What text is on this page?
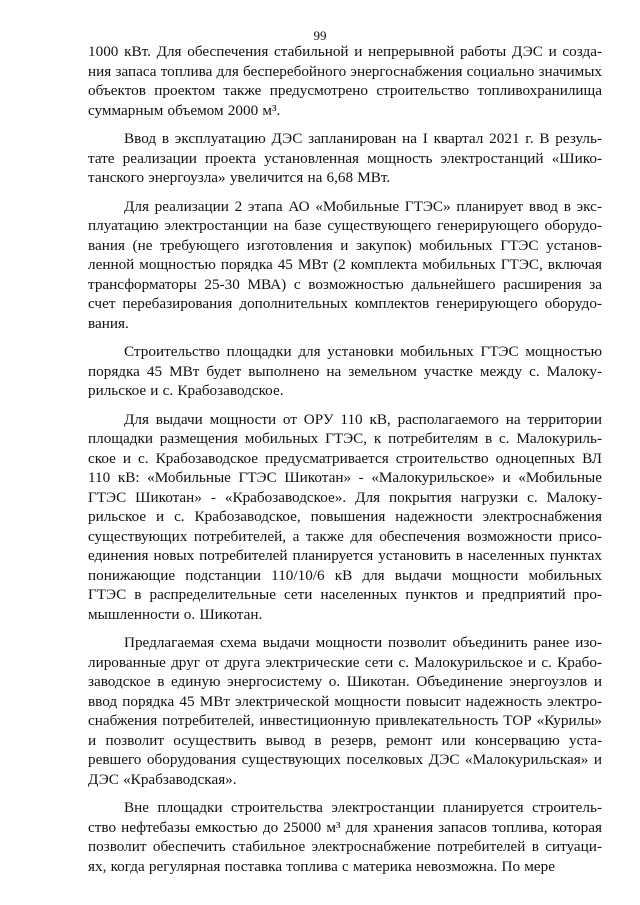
99

1000 кВт. Для обеспечения стабильной и непрерывной работы ДЭС и создания запаса топлива для бесперебойного энергоснабжения социально значимых объектов проектом также предусмотрено строительство топливохранилища суммарным объемом 2000 м³.

Ввод в эксплуатацию ДЭС запланирован на I квартал 2021 г. В результате реализации проекта установленная мощность электростанций «Шикотанского энергоузла» увеличится на 6,68 МВт.

Для реализации 2 этапа АО «Мобильные ГТЭС» планирует ввод в эксплуатацию электростанции на базе существующего генерирующего оборудования (не требующего изготовления и закупок) мобильных ГТЭС установленной мощностью порядка 45 МВт (2 комплекта мобильных ГТЭС, включая трансформаторы 25-30 МВА) с возможностью дальнейшего расширения за счет перебазирования дополнительных комплектов генерирующего оборудования.

Строительство площадки для установки мобильных ГТЭС мощностью порядка 45 МВт будет выполнено на земельном участке между с. Малокурильское и с. Крабозаводское.

Для выдачи мощности от ОРУ 110 кВ, располагаемого на территории площадки размещения мобильных ГТЭС, к потребителям в с. Малокурильское и с. Крабозаводское предусматривается строительство одноцепных ВЛ 110 кВ: «Мобильные ГТЭС Шикотан» - «Малокурильское» и «Мобильные ГТЭС Шикотан» - «Крабозаводское». Для покрытия нагрузки с. Малокурильское и с. Крабозаводское, повышения надежности электроснабжения существующих потребителей, а также для обеспечения возможности присоединения новых потребителей планируется установить в населенных пунктах понижающие подстанции 110/10/6 кВ для выдачи мощности мобильных ГТЭС в распределительные сети населенных пунктов и предприятий промышленности о. Шикотан.

Предлагаемая схема выдачи мощности позволит объединить ранее изолированные друг от друга электрические сети с. Малокурильское и с. Крабозаводское в единую энергосистему о. Шикотан. Объединение энергоузлов и ввод порядка 45 МВт электрической мощности повысит надежность электроснабжения потребителей, инвестиционную привлекательность ТОР «Курилы» и позволит осуществить вывод в резерв, ремонт или консервацию устаревшего оборудования существующих поселковых ДЭС «Малокурильская» и ДЭС «Крабзаводская».

Вне площадки строительства электростанции планируется строительство нефтебазы емкостью до 25000 м³ для хранения запасов топлива, которая позволит обеспечить стабильное электроснабжение потребителей в ситуациях, когда регулярная поставка топлива с материка невозможна. По мере
